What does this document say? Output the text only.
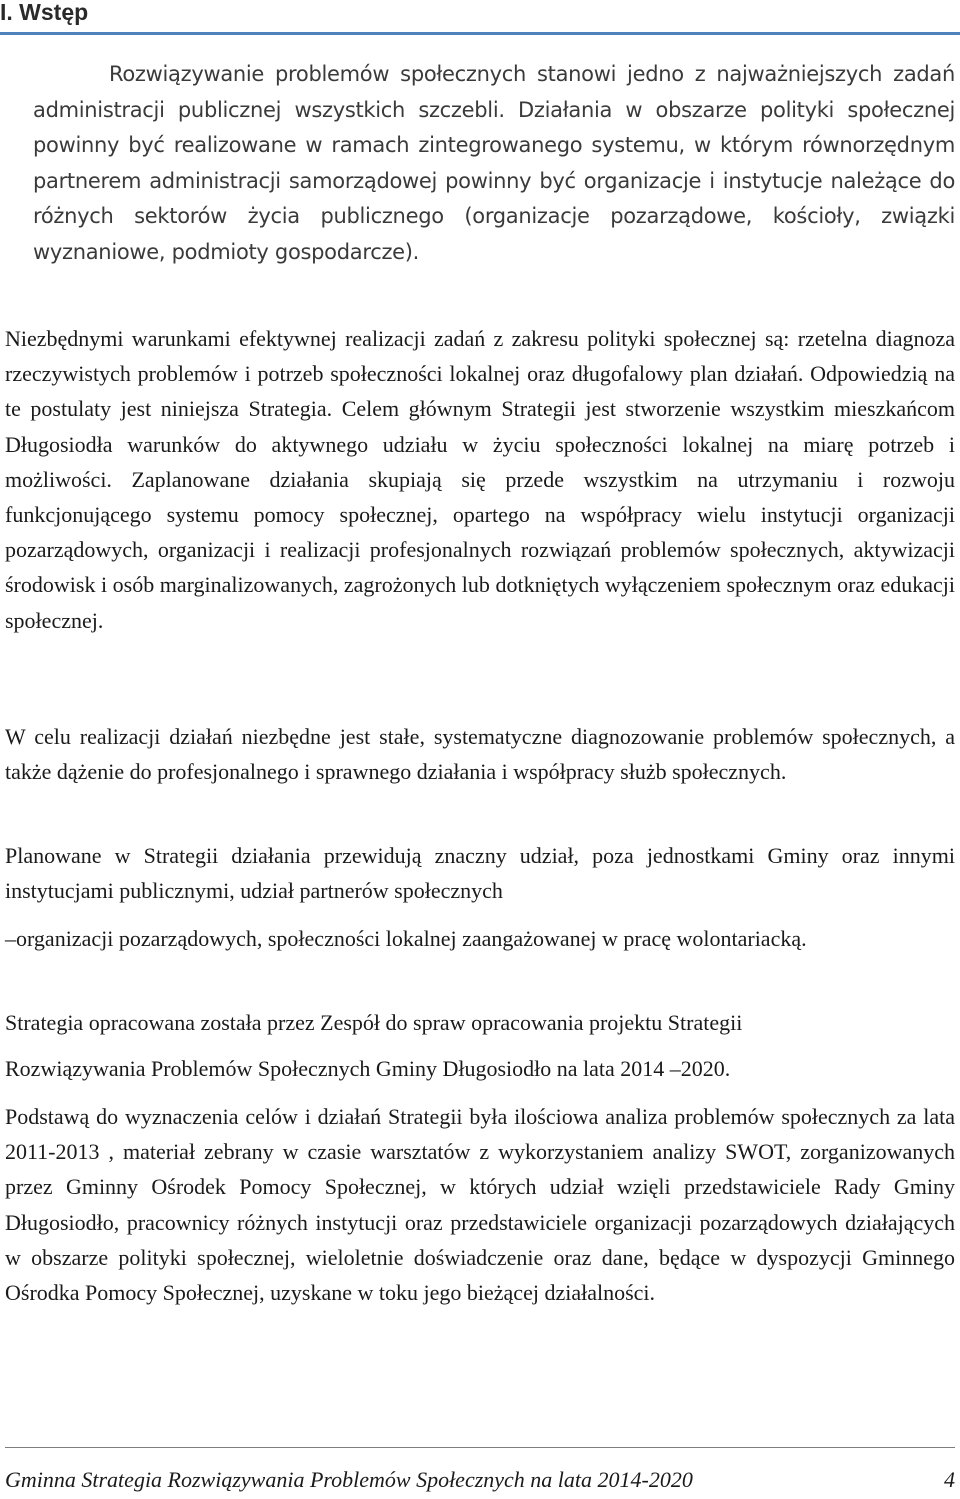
I. Wstęp

Rozwiązywanie problemów społecznych stanowi jedno z najważniejszych zadań administracji publicznej wszystkich szczebli. Działania w obszarze polityki społecznej powinny być realizowane w ramach zintegrowanego systemu, w którym równorzędnym partnerem administracji samorządowej powinny być organizacje i instytucje należące do różnych sektorów życia publicznego (organizacje pozarządowe, kościoły, związki wyznaniowe, podmioty gospodarcze).

Niezbędnymi warunkami efektywnej realizacji zadań z zakresu polityki społecznej są: rzetelna diagnoza rzeczywistych problemów i potrzeb społeczności lokalnej oraz długofalowy plan działań. Odpowiedzią na te postulaty jest niniejsza Strategia. Celem głównym Strategii jest stworzenie wszystkim mieszkańcom Długosiodła warunków do aktywnego udziału w życiu społeczności lokalnej na miarę potrzeb i możliwości. Zaplanowane działania skupiają się przede wszystkim na utrzymaniu i rozwoju funkcjonującego systemu pomocy społecznej, opartego na współpracy wielu instytucji organizacji pozarządowych, organizacji i realizacji profesjonalnych rozwiązań problemów społecznych, aktywizacji środowisk i osób marginalizowanych, zagrożonych lub dotkniętych wyłączeniem społecznym oraz edukacji społecznej.

W celu realizacji działań niezbędne jest stałe, systematyczne diagnozowanie problemów społecznych, a także dążenie do profesjonalnego i sprawnego działania i współpracy służb społecznych.

Planowane w Strategii działania przewidują znaczny udział, poza jednostkami Gminy oraz innymi instytucjami publicznymi, udział partnerów społecznych

–organizacji pozarządowych, społeczności lokalnej zaangażowanej w pracę wolontariacką.

Strategia opracowana została przez Zespół do spraw opracowania projektu Strategii

Rozwiązywania Problemów Społecznych Gminy Długosiodło na lata 2014 –2020.

Podstawą do wyznaczenia celów i działań Strategii była ilościowa analiza problemów społecznych za lata 2011-2013 , materiał zebrany w czasie warsztatów z wykorzystaniem analizy SWOT, zorganizowanych przez Gminny Ośrodek Pomocy Społecznej, w których udział wzięli przedstawiciele Rady Gminy Długosiodło, pracownicy różnych instytucji oraz przedstawiciele organizacji pozarządowych działających w obszarze polityki społecznej, wieloletnie doświadczenie oraz dane, będące w dyspozycji Gminnego Ośrodka Pomocy Społecznej, uzyskane w toku jego bieżącej działalności.

Gminna Strategia Rozwiązywania Problemów Społecznych na lata 2014-2020	4
